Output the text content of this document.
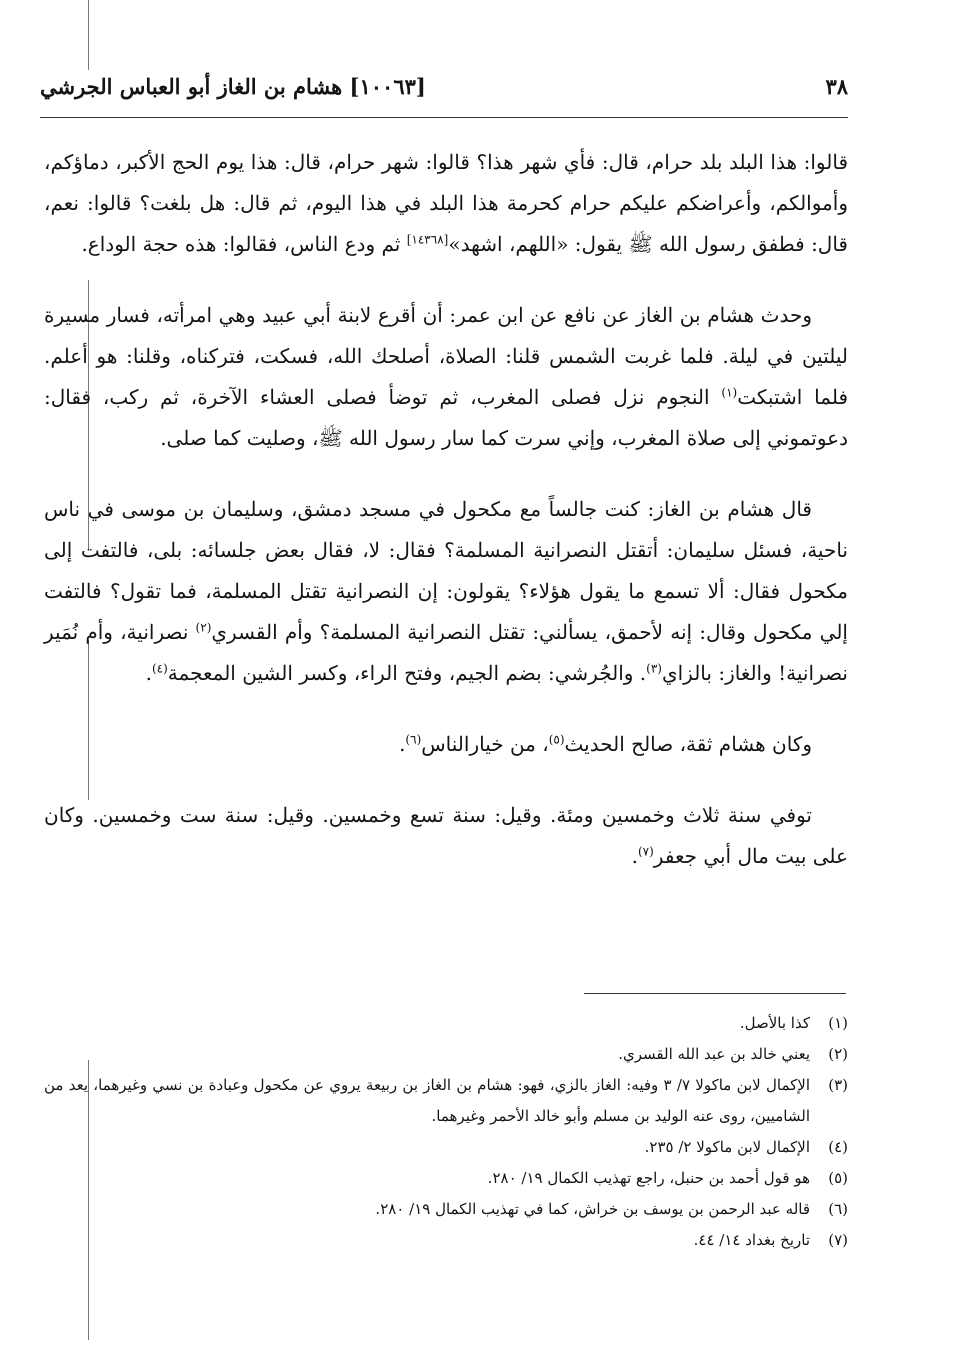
٣٨
[١٠٠٦٣] هشام بن الغاز أبو العباس الجرشي

قالوا: هذا البلد بلد حرام، قال: فأي شهر هذا؟ قالوا: شهر حرام، قال: هذا يوم الحج الأكبر، دماؤكم، وأموالكم، وأعراضكم عليكم حرام كحرمة هذا البلد في هذا اليوم، ثم قال: هل بلغت؟ قالوا: نعم، قال: فطفق رسول الله ﷺ يقول: «اللهم، اشهد»[١٤٣٦٨] ثم ودع الناس، فقالوا: هذه حجة الوداع.

وحدث هشام بن الغاز عن نافع عن ابن عمر: أن أقرع لابنة أبي عبيد وهي امرأته، فسار مسيرة ليلتين في ليلة. فلما غربت الشمس قلنا: الصلاة، أصلحك الله، فسكت، فتركناه، وقلنا: هو أعلم. فلما اشتبكت$^{(١)}$ النجوم نزل فصلى المغرب، ثم توضأ فصلى العشاء الآخرة، ثم ركب، فقال: دعوتموني إلى صلاة المغرب، وإني سرت كما سار رسول الله ﷺ، وصليت كما صلى.

قال هشام بن الغاز: كنت جالساً مع مكحول في مسجد دمشق، وسليمان بن موسى في ناس ناحية، فسئل سليمان: أتقتل النصرانية المسلمة؟ فقال: لا، فقال بعض جلسائه: بلى، فالتفت إلى مكحول فقال: ألا تسمع ما يقول هؤلاء؟ يقولون: إن النصرانية تقتل المسلمة، فما تقول؟ فالتفت إلي مكحول وقال: إنه لأحمق، يسألني: تقتل النصرانية المسلمة؟ وأم القسري$^{(٢)}$ نصرانية، وأم نُمَير نصرانية! والغاز: بالزاي$^{(٣)}$. والجُرشي: بضم الجيم، وفتح الراء، وكسر الشين المعجمة$^{(٤)}$.

وكان هشام ثقة، صالح الحديث$^{(٥)}$، من خيارالناس$^{(٦)}$.

توفي سنة ثلاث وخمسين ومئة. وقيل: سنة تسع وخمسين. وقيل: سنة ست وخمسين. وكان على بيت مال أبي جعفر$^{(٧)}$.

(١)
كذا بالأصل.
(٢)
يعني خالد بن عبد الله القسري.
(٣)
الإكمال لابن ماكولا ٧/ ٣ وفيه: الغاز بالزي، فهو: هشام بن الغاز بن ربيعة يروي عن مكحول وعبادة بن نسي وغيرهما، يعد من الشاميين، روى عنه الوليد بن مسلم وأبو خالد الأحمر وغيرهما.
(٤)
الإكمال لابن ماكولا ٢/ ٢٣٥.
(٥)
هو قول أحمد بن حنبل، راجع تهذيب الكمال ١٩/ ٢٨٠.
(٦)
قاله عبد الرحمن بن يوسف بن خراش، كما في تهذيب الكمال ١٩/ ٢٨٠.
(٧)
تاريخ بغداد ١٤/ ٤٤.
